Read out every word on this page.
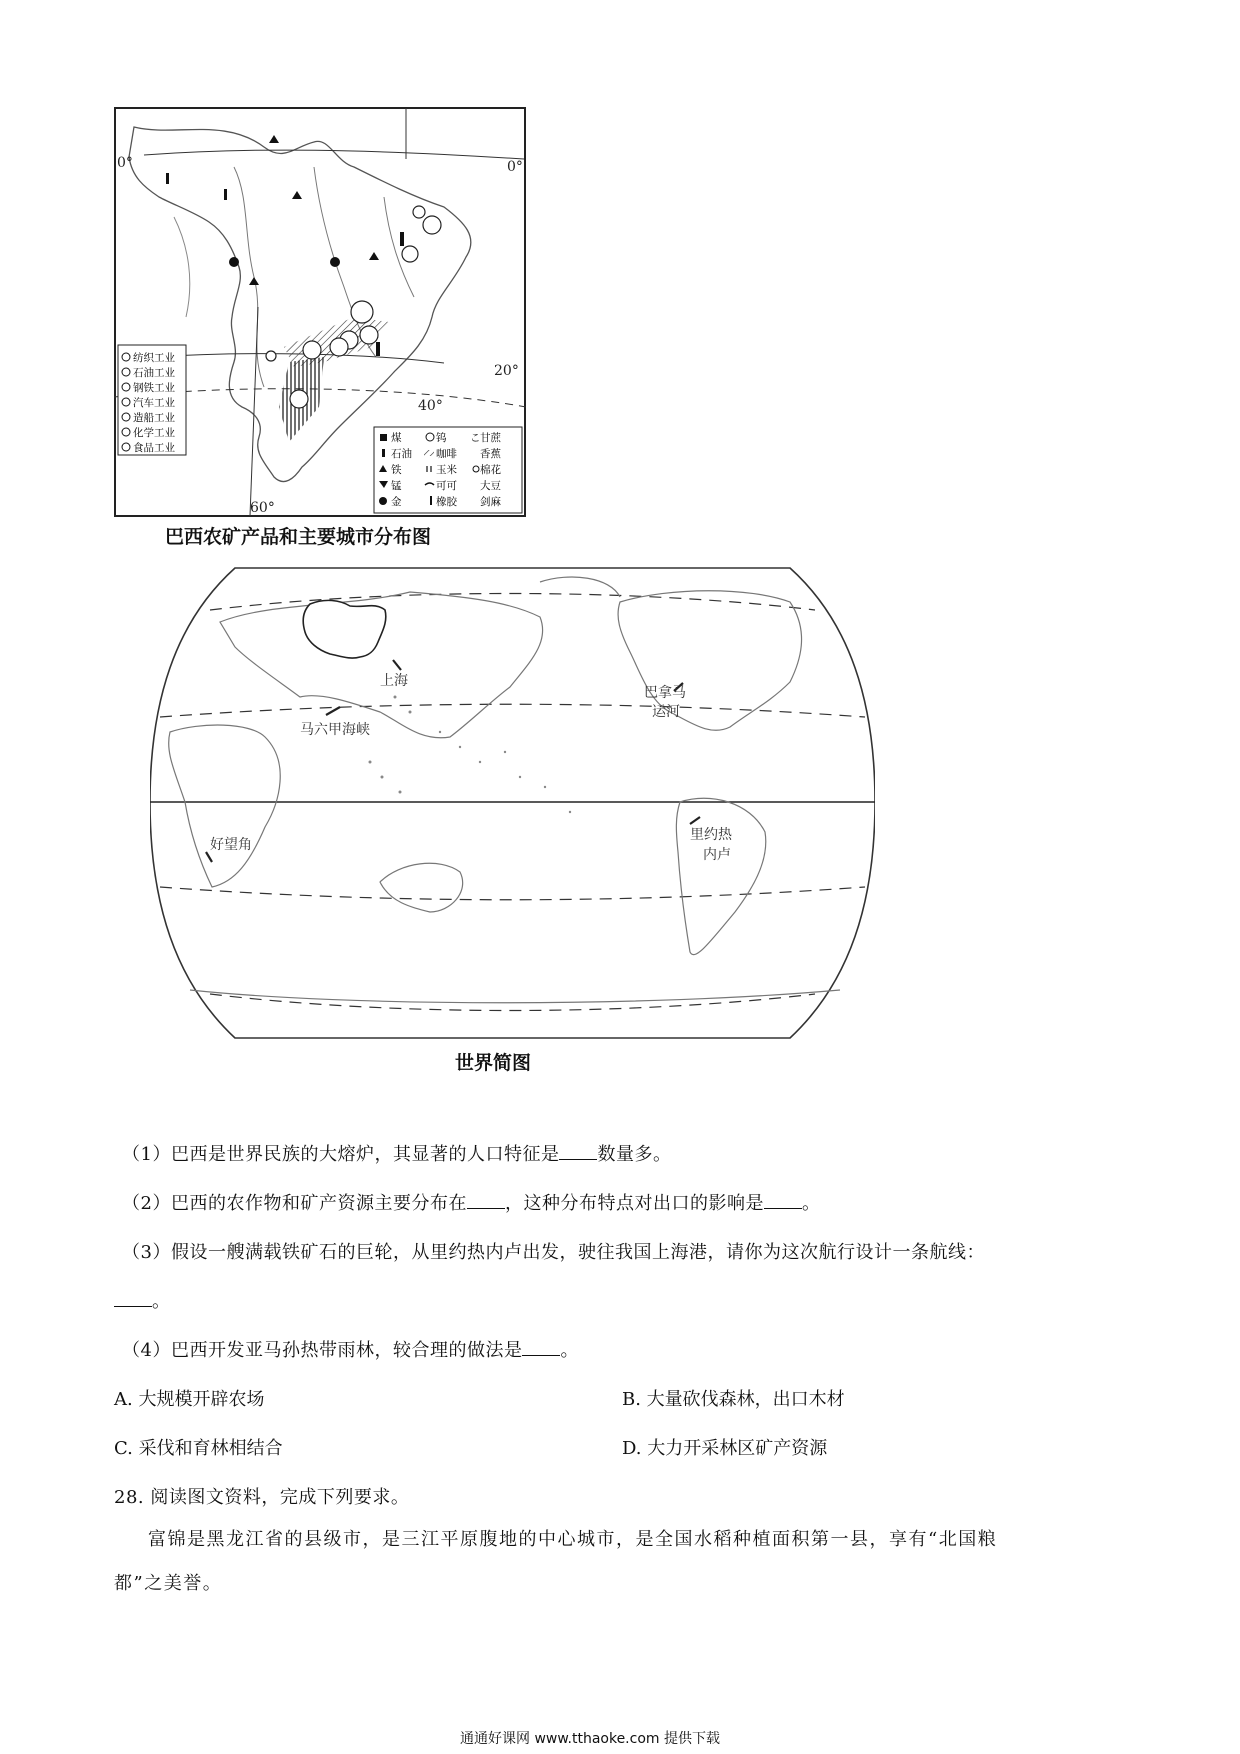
0°	0°
20°
40°
60°
纺织工业
石油工业
钢铁工业
汽车工业
造船工业
化学工业
食品工业
煤	钨 こ 甘蔗
石油 咖啡 香蕉
铁	玉米 棉花
锰	可可 大豆
金	橡胶 剑麻
巴西农矿产品和主要城市分布图
上海
马六甲海峡
巴拿马
运河
好望角
里约热
内卢
世界简图
（1）巴西是世界民族的大熔炉，其显著的人口特征是 数量多。
（2）巴西的农作物和矿产资源主要分布在 ，这种分布特点对出口的影响是 。
（3）假设一艘满载铁矿石的巨轮，从里约热内卢出发，驶往我国上海港，请你为这次航行设计一条航线：
。
（4）巴西开发亚马孙热带雨林，较合理的做法是 。
A. 大规模开辟农场	B. 大量砍伐森林，出口木材
C. 采伐和育林相结合	D. 大力开采林区矿产资源
28. 阅读图文资料，完成下列要求。
富锦是黑龙江省的县级市，是三江平原腹地的中心城市，是全国水稻种植面积第一县，享有“北国粮
都”之美誉。
通通好课网 www.tthaoke.com 提供下载
